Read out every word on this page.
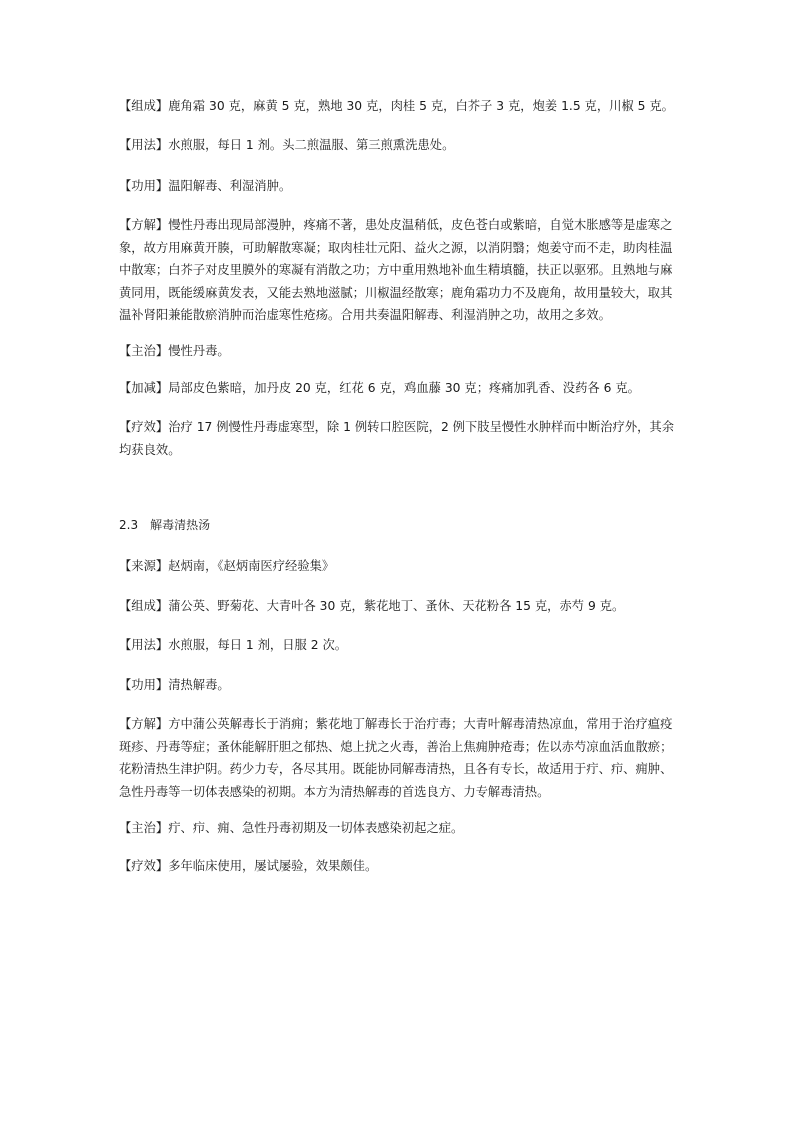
【组成】鹿角霜 30 克，麻黄 5 克，熟地 30 克，肉桂 5 克，白芥子 3 克，炮姜 1.5 克，川椒 5 克。

【用法】水煎服，每日 1 剂。头二煎温服、第三煎熏洗患处。

【功用】温阳解毒、利湿消肿。

【方解】慢性丹毒出现局部漫肿，疼痛不著，患处皮温稍低，皮色苍白或紫暗，自觉木胀感等是虚寒之象，故方用麻黄开腠，可助解散寒凝；取肉桂壮元阳、益火之源，以消阴翳；炮姜守而不走，助肉桂温中散寒；白芥子对皮里膜外的寒凝有消散之功；方中重用熟地补血生精填髓，扶正以驱邪。且熟地与麻黄同用，既能缓麻黄发表，又能去熟地滋腻；川椒温经散寒；鹿角霜功力不及鹿角，故用量较大，取其温补肾阳兼能散瘀消肿而治虚寒性疮疡。合用共奏温阳解毒、利湿消肿之功，故用之多效。

【主治】慢性丹毒。

【加减】局部皮色紫暗，加丹皮 20 克，红花 6 克，鸡血藤 30 克；疼痛加乳香、没药各 6 克。

【疗效】治疗 17 例慢性丹毒虚寒型，除 1 例转口腔医院，2 例下肢呈慢性水肿样而中断治疗外，其余均获良效。

2.3　解毒清热汤

【来源】赵炳南，《赵炳南医疗经验集》

【组成】蒲公英、野菊花、大青叶各 30 克，紫花地丁、蚤休、天花粉各 15 克，赤芍 9 克。

【用法】水煎服，每日 1 剂，日服 2 次。

【功用】清热解毒。

【方解】方中蒲公英解毒长于消痈；紫花地丁解毒长于治疔毒；大青叶解毒清热凉血，常用于治疗瘟疫斑疹、丹毒等症；蚤休能解肝胆之郁热、熄上扰之火毒，善治上焦痈肿疮毒；佐以赤芍凉血活血散瘀；花粉清热生津护阴。药少力专，各尽其用。既能协同解毒清热，且各有专长，故适用于疔、疖、痈肿、急性丹毒等一切体表感染的初期。本方为清热解毒的首选良方、力专解毒清热。

【主治】疔、疖、痈、急性丹毒初期及一切体表感染初起之症。

【疗效】多年临床使用，屡试屡验，效果颇佳。
